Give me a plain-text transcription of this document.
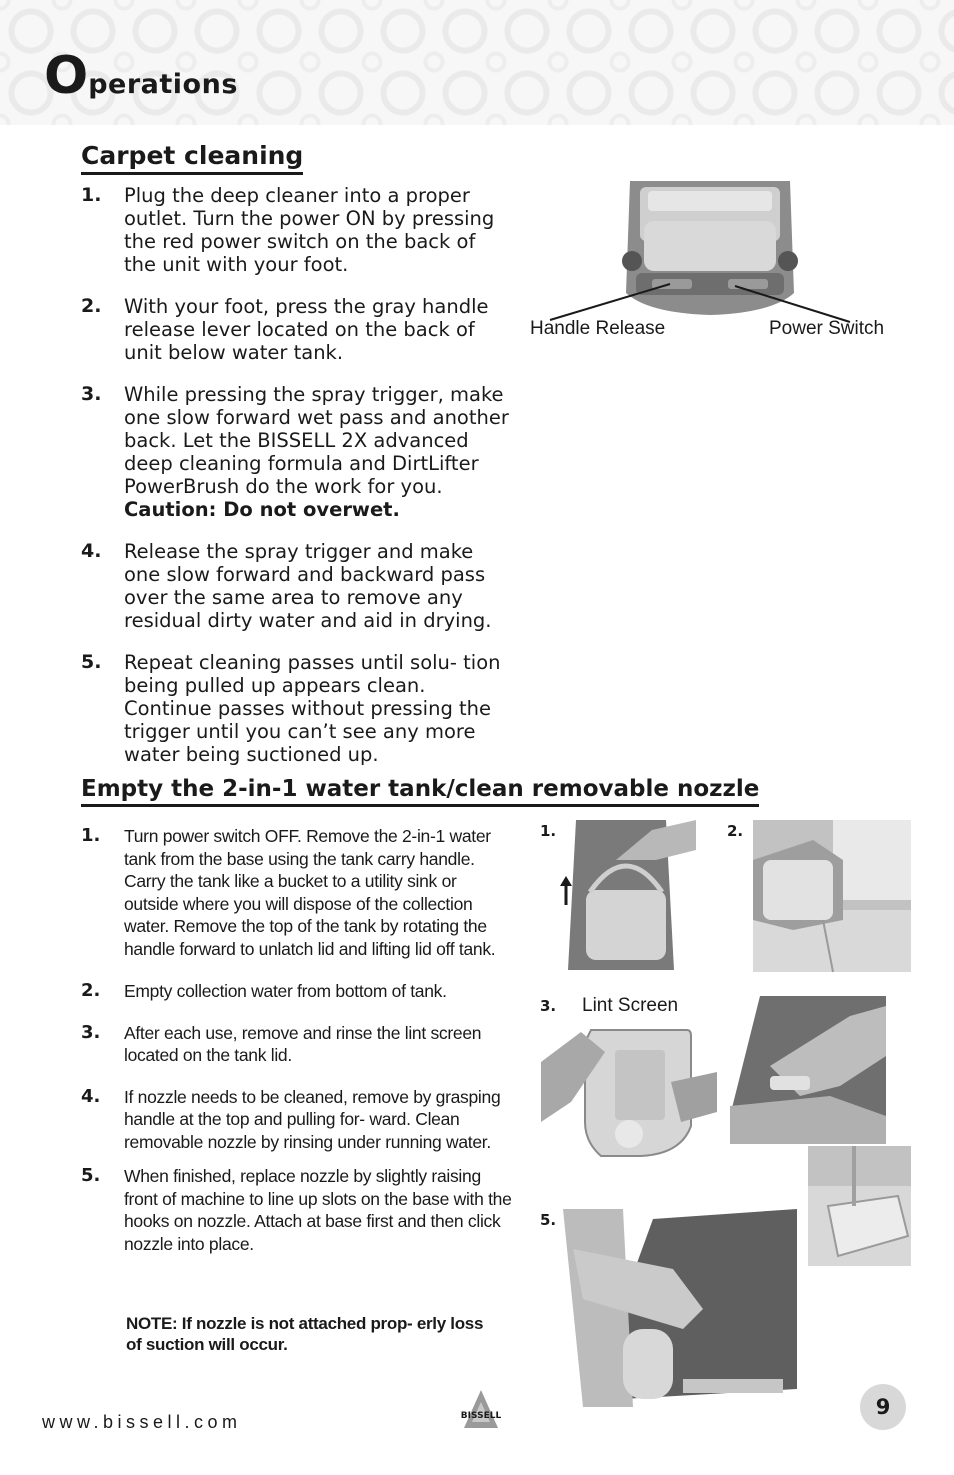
Operations
Carpet cleaning
1. Plug the deep cleaner into a proper outlet. Turn the power ON by pressing the red power switch on the back of the unit with your foot.
2. With your foot, press the gray handle release lever located on the back of unit below water tank.
3. While pressing the spray trigger, make one slow forward wet pass and another back. Let the BISSELL 2X advanced deep cleaning formula and DirtLifter PowerBrush do the work for you.
Caution: Do not overwet.
4. Release the spray trigger and make one slow forward and backward pass over the same area to remove any residual dirty water and aid in drying.
5. Repeat cleaning passes until solu- tion being pulled up appears clean. Continue passes without pressing the trigger until you can’t see any more water being suctioned up.
Handle Release	Power Switch
Empty the 2-in-1 water tank/clean removable nozzle
1. Turn power switch OFF. Remove the 2-in-1 water tank from the base using the tank carry handle. Carry the tank like a bucket to a utility sink or outside where you will dispose of the collection water. Remove the top of the tank by rotating the handle forward to unlatch lid and lifting lid off tank.
2. Empty collection water from bottom of tank.
3. After each use, remove and rinse the lint screen located on the tank lid.
4. If nozzle needs to be cleaned, remove by grasping handle at the top and pulling for- ward. Clean removable nozzle by rinsing under running water.
5. When finished, replace nozzle by slightly raising front of machine to line up slots on the base with the hooks on nozzle. Attach at base first and then click nozzle into place.
NOTE: If nozzle is not attached prop- erly loss of suction will occur.
1.	2.
3. Lint Screen
5.
www.bissell.com	BISSELL	9
